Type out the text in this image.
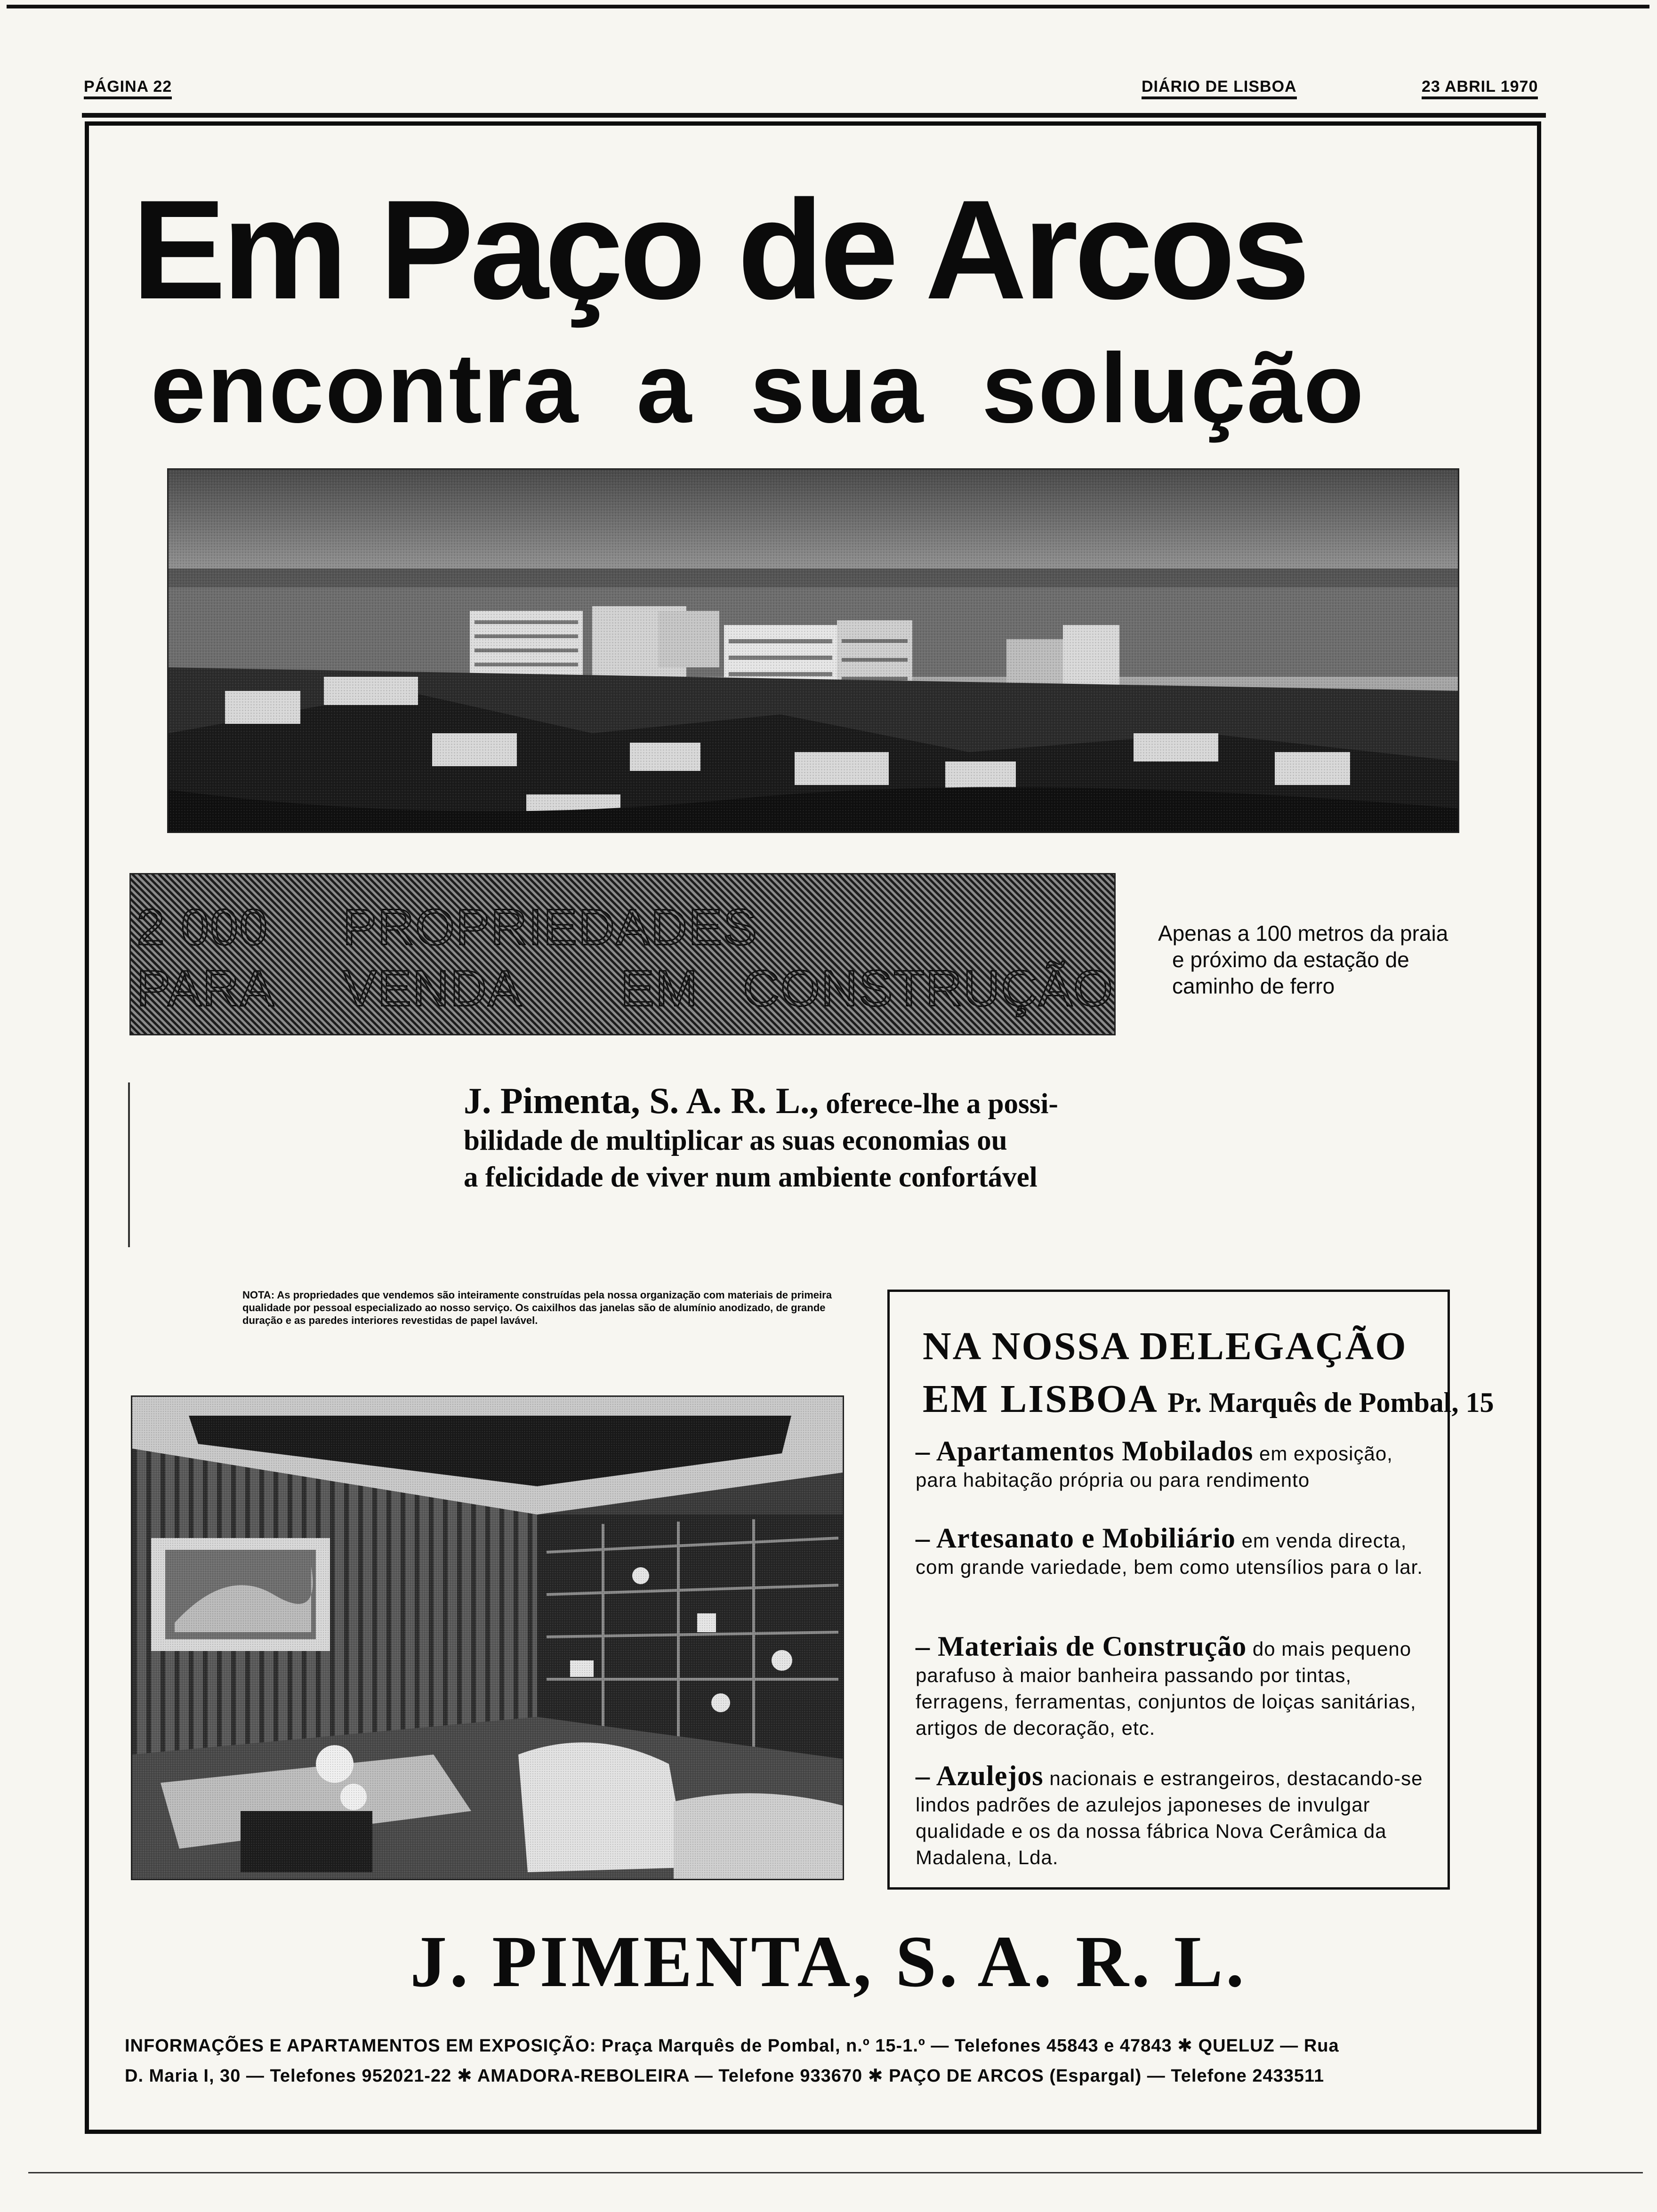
PÁGINA 22	DIÁRIO DE LISBOA	23 ABRIL 1970
Em Paço de Arcos
encontra a sua solução
2 000
PARA
PROPRIEDADES
VENDA EM CONSTRUÇÃO
Apenas a 100 metros da praia
e próximo da estação de
caminho de ferro
J. Pimenta, S. A. R. L., oferece-lhe a possi-
bilidade de multiplicar as suas economias ou
a felicidade de viver num ambiente confortável
NOTA: As propriedades que vendemos são inteiramente construídas pela nossa organização com materiais de primeira qualidade por pessoal especializado ao nosso serviço. Os caixilhos das janelas são de alumínio anodizado, de grande duração e as paredes interiores revestidas de papel lavável.
NA NOSSA DELEGAÇÃO
EM LISBOA Pr. Marquês de Pombal, 15
– Apartamentos Mobilados em exposição, para habitação própria ou para rendimento
– Artesanato e Mobiliário em venda directa, com grande variedade, bem como utensílios para o lar.
– Materiais de Construção do mais pequeno parafuso à maior banheira passando por tintas, ferragens, ferramentas, conjuntos de loiças sanitárias, artigos de decoração, etc.
– Azulejos nacionais e estrangeiros, destacando-se lindos padrões de azulejos japoneses de invulgar qualidade e os da nossa fábrica Nova Cerâmica da Madalena, Lda.
J. PIMENTA, S. A. R. L.
INFORMAÇÕES E APARTAMENTOS EM EXPOSIÇÃO: Praça Marquês de Pombal, n.º 15-1.º — Telefones 45843 e 47843 ✱ QUELUZ — Rua
D. Maria I, 30 — Telefones 952021-22 ✱ AMADORA-REBOLEIRA — Telefone 933670 ✱ PAÇO DE ARCOS (Espargal) — Telefone 2433511
